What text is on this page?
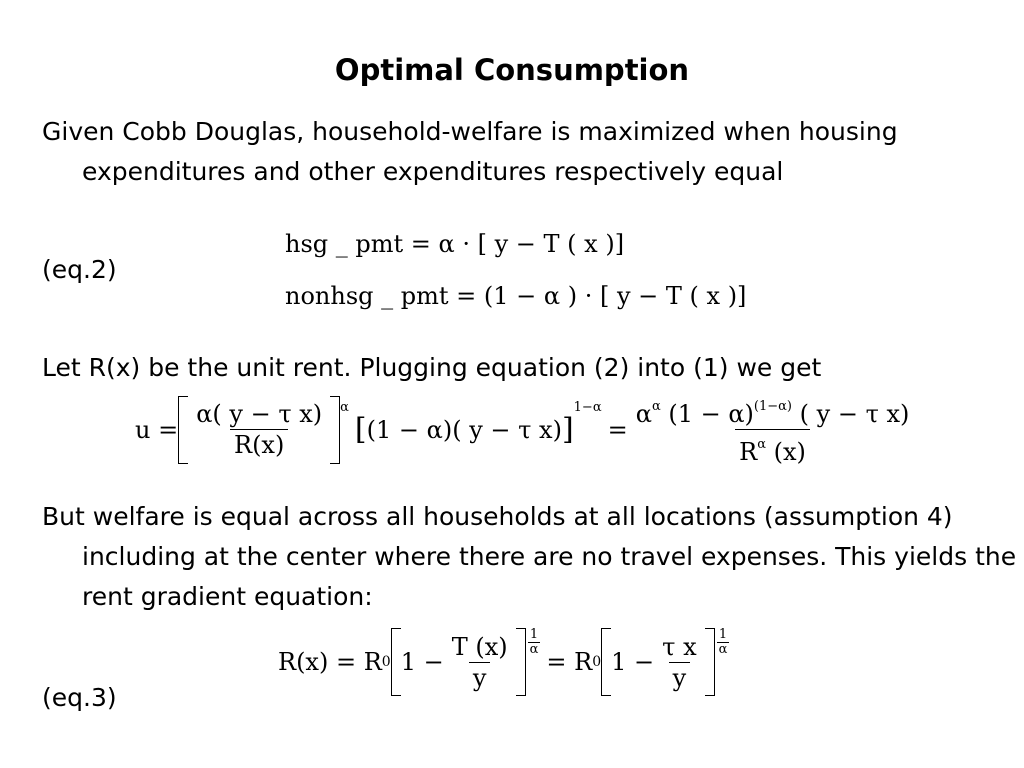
Optimal Consumption
Given Cobb Douglas, household-welfare is maximized when housing expenditures and other expenditures respectively equal
(eq.2)
hsg _ pmt = α · [ y − T ( x )]
nonhsg _ pmt = (1 − α ) · [ y − T ( x )]
Let R(x) be the unit rent. Plugging equation (2) into (1) we get
$u = \frac{\text{α( y − τ x)}}{R(x)} ^\alpha$
[ (1 − α)( y − τ x) ]
$^{1-\alpha}$
= $\frac{\alpha^\alpha (1 - \alpha)^{(1-\alpha)} ( y - \tau x)}{R^\alpha (x)}$
But welfare is equal across all households at all locations (assumption 4) including at the center where there are no travel expenses. This yields the rent gradient equation:
(eq.3)
R(x) = R 0 $1 - \frac{T (x)}{y} 1$
α = R 0 $1 - \frac{\text{τ x}}{y} 1$
α
